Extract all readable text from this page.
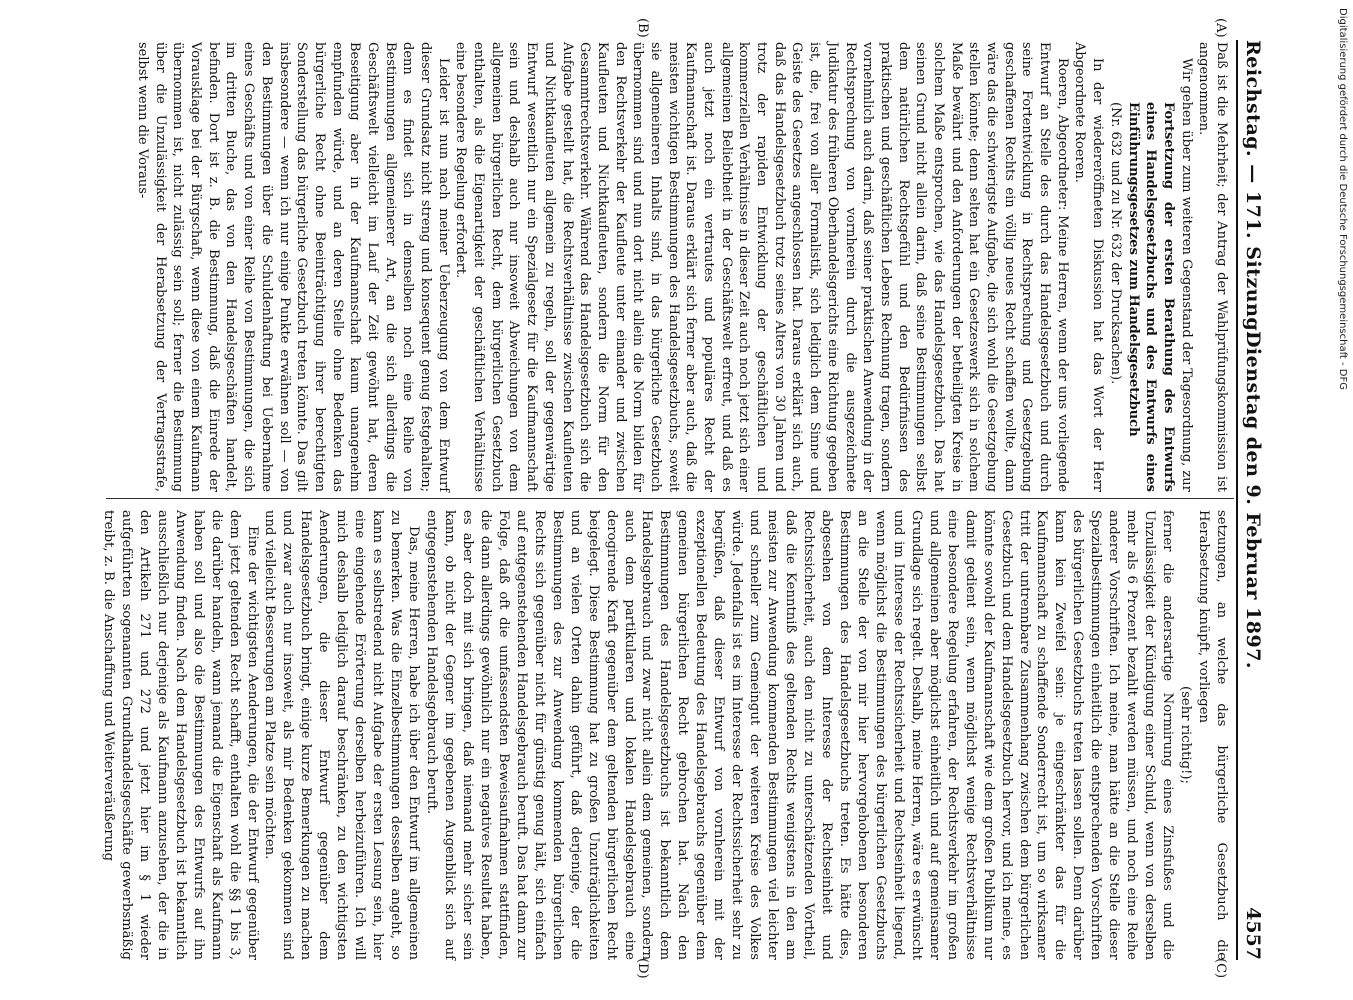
Reichstag. — 171. Sitzung.
Dienstag den 9. Februar 1897.
4557
(A)
(B)
(C)
(D)

Daß ist die Mehrheit; der Antrag der Wahlprüfungskommission ist angenommen.

Wir gehen über zum weiteren Gegenstand der Tagesordnung, zur

Fortsetzung der ersten Berathung des Entwurfs eines Handelsgesetzbuchs und des Entwurfs eines Einführungsgesetzes zum Handelsgesetzbuch

(Nr. 632 und zu Nr. 632 der Drucksachen).

In der wiedereröffneten Diskussion hat das Wort der Herr Abgeordnete Roeren.

Roeren, Abgeordneter: Meine Herren, wenn der uns vorliegende Entwurf an Stelle des durch das Handelsgesetzbuch und durch seine Fortentwicklung in Rechtsprechung und Gesetzgebung geschaffenen Rechts ein völlig neues Recht schaffen wollte, dann wäre das die schwierigste Aufgabe, die sich wohl die Gesetzgebung stellen könnte; denn selten hat ein Gesetzeswerk sich in solchem Maße bewährt und den Anforderungen der betheiligten Kreise in solchem Maße entsprochen, wie das Handelsgesetzbuch. Das hat seinen Grund nicht allein darin, daß seine Bestimmungen selbst dem natürlichen Rechtsgefühl und den Bedürfnissen des praktischen und geschäftlichen Lebens Rechnung tragen, sondern vornehmlich auch darin, daß seiner praktischen Anwendung in der Rechtsprechung von vornherein durch die ausgezeichnete Judikatur des früheren Oberhandelsgerichts eine Richtung gegeben ist, die, frei von aller Formalistik, sich lediglich dem Sinne und Geiste des Gesetzes angeschlossen hat. Daraus erklärt sich auch, daß das Handelsgesetzbuch trotz seines Alters von 30 Jahren und trotz der rapiden Entwicklung der geschäftlichen und kommerziellen Verhältnisse in dieser Zeit auch noch jetzt sich einer allgemeinen Beliebtheit in der Geschäftswelt erfreut, und daß es auch jetzt noch ein vertrautes und populäres Recht der Kaufmannschaft ist. Daraus erklärt sich ferner aber auch, daß die meisten wichtigen Bestimmungen des Handelsgesetzbuchs, soweit sie allgemeineren Inhalts sind, in das bürgerliche Gesetzbuch übernommen sind und nun dort nicht allein die Norm bilden für den Rechtsverkehr der Kaufleute unter einander und zwischen Kaufleuten und Nichtkaufleuten, sondern die Norm für den Gesammtrechtsverkehr. Während das Handelsgesetzbuch sich die Aufgabe gestellt hat, die Rechtsverhältnisse zwischen Kaufleuten und Nichtkaufleuten allgemein zu regeln, soll der gegenwärtige Entwurf wesentlich nur ein Spezialgesetz für die Kaufmannschaft sein und deshalb auch nur insoweit Abweichungen von dem allgemeinen bürgerlichen Recht, dem bürgerlichen Gesetzbuch enthalten, als die Eigenartigkeit der geschäftlichen Verhältnisse eine besondere Regelung erfordert.

Leider ist nun nach meiner Ueberzeugung von dem Entwurf dieser Grundsatz nicht streng und konsequent genug festgehalten; denn es findet sich in demselben noch eine Reihe von Bestimmungen allgemeinerer Art, an die sich allerdings die Geschäftswelt vielleicht im Lauf der Zeit gewöhnt hat, deren Beseitigung aber in der Kaufmannschaft kaum unangenehm empfunden würde, und an deren Stelle ohne Bedenken das bürgerliche Recht ohne Beeinträchtigung ihrer berechtigten Sonderstellung das bürgerliche Gesetzbuch treten könnte. Das gilt insbesondere — wenn ich nur einige Punkte erwähnen soll — von den Bestimmungen über die Schuldenhaftung bei Uebernahme eines Geschäfts und von einer Reihe von Bestimmungen, die sich im dritten Buche, das von den Handelsgeschäften handelt, befinden. Dort ist z. B. die Bestimmung, daß die Einrede der Vorausklage bei der Bürgschaft, wenn diese von einem Kaufmann übernommen ist, nicht zulässig sein soll; ferner die Bestimmung über die Unzulässigkeit der Herabsetzung der Vertragsstrafe, selbst wenn die Voraus-

setzungen, an welche das bürgerliche Gesetzbuch die Herabsetzung knüpft, vorliegen

(sehr richtig!);

ferner die andersartige Normirung eines Zinsfußes und die Unzulässigkeit der Kündigung einer Schuld, wenn von derselben mehr als 6 Prozent bezahlt werden müssen, und noch eine Reihe anderer Vorschriften. Ich meine, man hätte an die Stelle dieser Spezialbestimmungen einheitlich die entsprechenden Vorschriften des bürgerlichen Gesetzbuchs treten lassen sollen. Denn darüber kann kein Zweifel sein: je eingeschränkter das für die Kaufmannschaft zu schaffende Sonderrecht ist, um so wirksamer tritt der untrennbare Zusammenhang zwischen dem bürgerlichen Gesetzbuch und dem Handelsgesetzbuch hervor, und ich meine, es könnte sowohl der Kaufmannschaft wie dem großen Publikum nur damit gedient sein, wenn möglichst wenige Rechtsverhältnisse eine besondere Regelung erfahren, der Rechtsverkehr im großen und allgemeinen aber möglichst einheitlich und auf gemeinsamer Grundlage sich regelt. Deshalb, meine Herren, wäre es erwünscht und im Interesse der Rechtssicherheit und Rechtseinheit liegend, wenn möglichst die Bestimmungen des bürgerlichen Gesetzbuchs an die Stelle der von mir hier hervorgehobenen besonderen Bestimmungen des Handelsgesetzbuchs treten. Es hätte dies, abgesehen von dem Interesse der Rechtseinheit und Rechtssicherheit, auch den nicht zu unterschätzenden Vortheil, daß die Kenntniß des geltenden Rechts wenigstens in den am meisten zur Anwendung kommenden Bestimmungen viel leichter und schneller zum Gemeingut der weiteren Kreise des Volkes würde. Jedenfalls ist es im Interesse der Rechtssicherheit sehr zu begrüßen, daß dieser Entwurf von vornherein mit der exzeptionellen Bedeutung des Handelsgebrauchs gegenüber dem gemeinen bürgerlichen Recht gebrochen hat. Nach den Bestimmungen des Handelsgesetzbuchs ist bekanntlich dem Handelsgebrauch und zwar nicht allein dem gemeinen, sondern auch dem partikularen und lokalen Handelsgebrauch eine derogirende Kraft gegenüber dem geltenden bürgerlichen Recht beigelegt. Diese Bestimmung hat zu großen Unzuträglichkeiten und an vielen Orten dahin geführt, daß derjenige, der die Bestimmungen des zur Anwendung kommenden bürgerlichen Rechts sich gegenüber nicht für günstig genug hält, sich einfach auf entgegenstehenden Handelsgebrauch beruft. Das hat dann zur Folge, daß oft die umfassendsten Beweisaufnahmen stattfinden, die dann allerdings gewöhnlich nur ein negatives Resultat haben, es aber doch mit sich bringen, daß niemand mehr sicher sein kann, ob nicht der Gegner im gegebenen Augenblick sich auf entgegenstehenden Handelsgebrauch beruft.

Das, meine Herren, habe ich über den Entwurf im allgemeinen zu bemerken. Was die Einzelbestimmungen desselben angeht, so kann es selbstredend nicht Aufgabe der ersten Lesung sein, hier eine eingehende Erörterung derselben herbeizuführen. Ich will mich deshalb lediglich darauf beschränken, zu den wichtigsten Aenderungen, die dieser Entwurf gegenüber dem Handelsgesetzbuch bringt, einige kurze Bemerkungen zu machen und zwar auch nur insoweit, als mir Bedenken gekommen sind und vielleicht Besserungen am Platze sein möchten.

Eine der wichtigsten Aenderungen, die der Entwurf gegenüber dem jetzt geltenden Recht schafft, enthalten wohl die §§ 1 bis 3, die darüber handeln, wann jemand die Eigenschaft als Kaufmann haben soll und also die Bestimmungen des Entwurfs auf ihn Anwendung finden. Nach dem Handelsgesetzbuch ist bekanntlich ausschließlich nur derjenige als Kaufmann anzusehen, der die in den Artikeln 271 und 272 und jetzt hier im § 1 wieder aufgeführten sogenannten Grundhandelsgeschäfte gewerbsmäßig treibt, z. B. die Anschaffung und Weiterveräußerung

Digitalisierung gefördert durch die Deutsche Forschungsgemeinschaft - DFG
